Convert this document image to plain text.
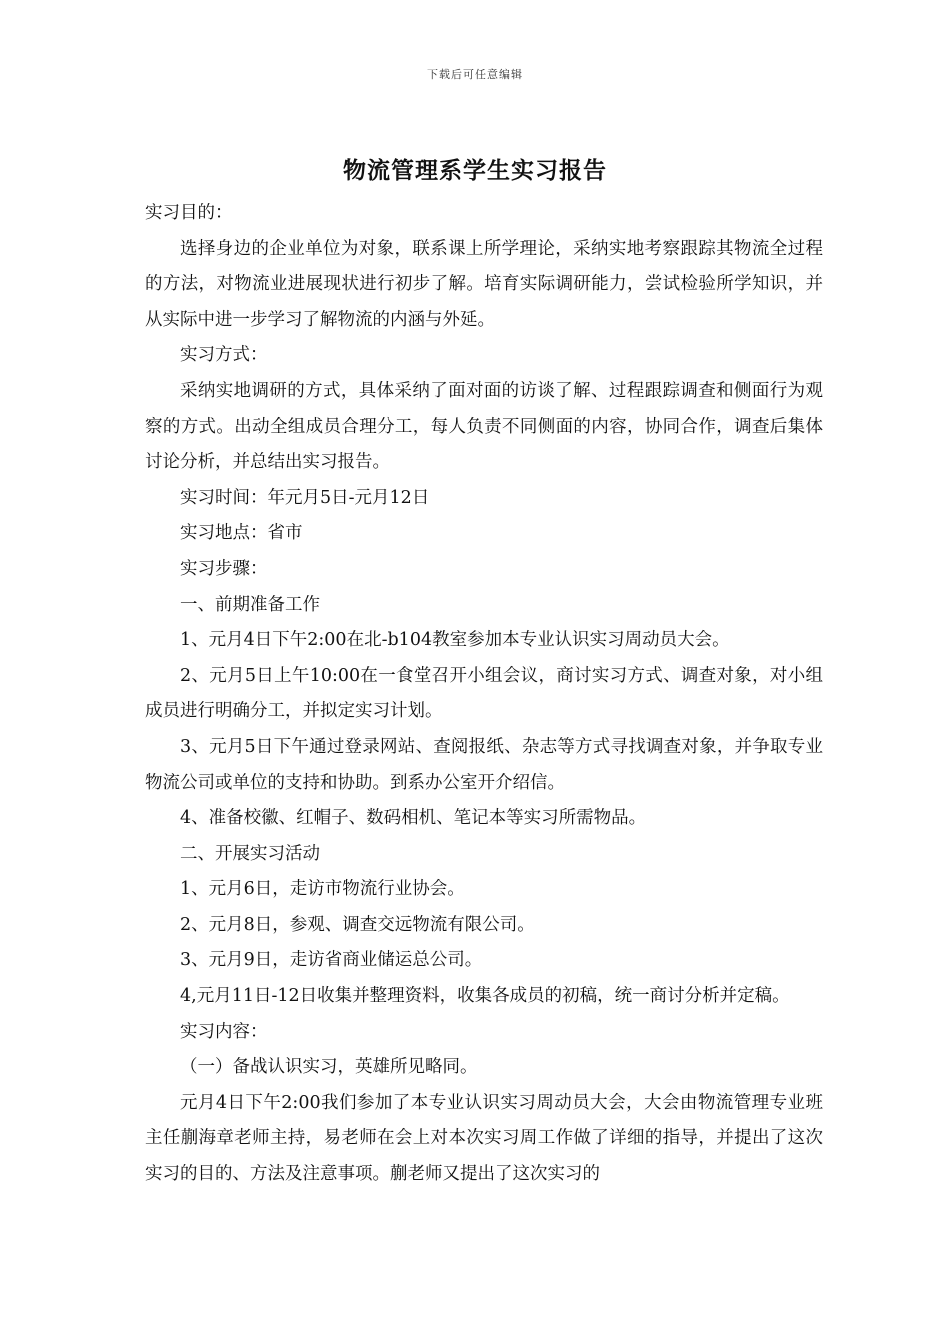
下载后可任意编辑
物流管理系学生实习报告

实习目的：

选择身边的企业单位为对象，联系课上所学理论，采纳实地考察跟踪其物流全过程的方法，对物流业进展现状进行初步了解。培育实际调研能力，尝试检验所学知识，并从实际中进一步学习了解物流的内涵与外延。

实习方式：

采纳实地调研的方式，具体采纳了面对面的访谈了解、过程跟踪调查和侧面行为观察的方式。出动全组成员合理分工，每人负责不同侧面的内容，协同合作，调查后集体讨论分析，并总结出实习报告。

实习时间：年元月5日-元月12日

实习地点：省市

实习步骤：

一、前期准备工作

1、元月4日下午2:00在北-b104教室参加本专业认识实习周动员大会。

2、元月5日上午10:00在一食堂召开小组会议，商讨实习方式、调查对象，对小组成员进行明确分工，并拟定实习计划。

3、元月5日下午通过登录网站、查阅报纸、杂志等方式寻找调查对象，并争取专业物流公司或单位的支持和协助。到系办公室开介绍信。

4、准备校徽、红帽子、数码相机、笔记本等实习所需物品。

二、开展实习活动

1、元月6日，走访市物流行业协会。

2、元月8日，参观、调查交远物流有限公司。

3、元月9日，走访省商业储运总公司。

4,元月11日-12日收集并整理资料，收集各成员的初稿，统一商讨分析并定稿。

实习内容：

（一）备战认识实习，英雄所见略同。

元月4日下午2:00我们参加了本专业认识实习周动员大会，大会由物流管理专业班主任蒯海章老师主持，易老师在会上对本次实习周工作做了详细的指导，并提出了这次实习的目的、方法及注意事项。蒯老师又提出了这次实习的
